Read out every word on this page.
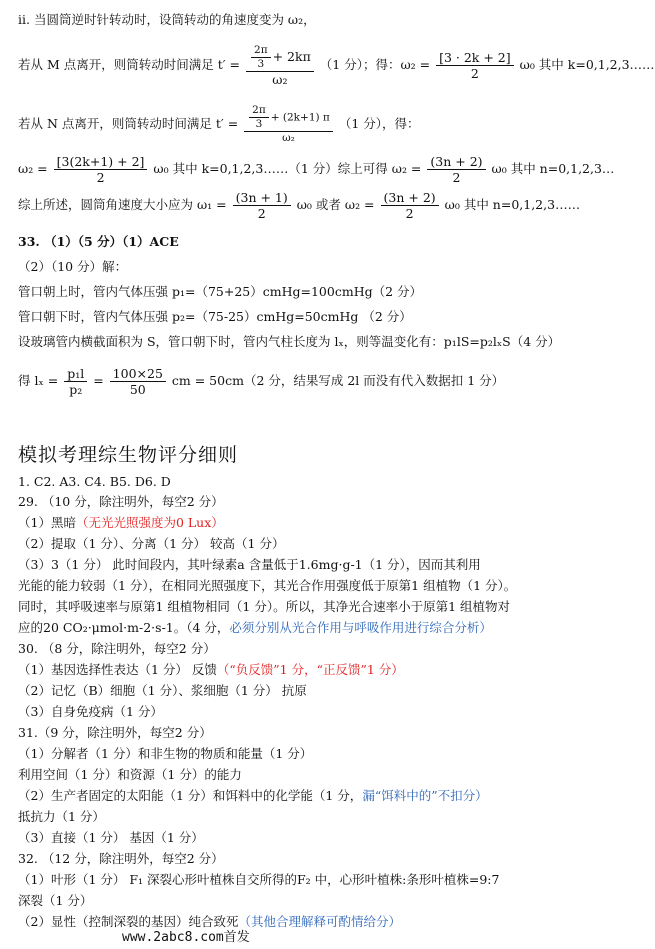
ⅱ. 当圆筒逆时针转动时，设筒转动的角速度变为 ω₂，
若从 M 点离开，则筒转动时间满足 $t' = \frac{\frac{2\pi}{3} + 2k\pi}{\text{ω₂}} (1$ 分）；得：$\omega_2 = \frac{[3 \cdot 2k + 2]}{2} \omega_0$ 其中 k=0,1,2,3……
若从 N 点离开，则筒转动时间满足 $t' = \frac{\frac{2\pi}{3} + (2k+1) \pi}{\text{ω₂}} (1$ 分），得：
$\omega_2 = \frac{[3(2k+1) + 2]}{2} \omega_0$ 其中 k=0,1,2,3……（1 分）综上可得 $\omega_2 = \frac{(3n + 2)}{2} \omega_0$ 其中 n=0,1,2,3…
综上所述，圆筒角速度大小应为 $\omega_1 = \frac{(3n + 1)}{2} \omega_0$ 或者 $\omega_2 = \frac{(3n + 2)}{2} \omega_0$ 其中 n=0,1,2,3……
33. （1）（5 分）（1）ACE
（2）（10 分）解：
管口朝上时，管内气体压强 p₁=（75+25）cmHg=100cmHg（2 分）
管口朝下时，管内气体压强 p₂=（75-25）cmHg=50cmHg （2 分）
设玻璃管内横截面积为 S，管口朝下时，管内气柱长度为 lₓ，则等温变化有：p₁lS=p₂lₓS（4 分）
得 $l_x = \frac{\text{p₁l}}{\text{p₂}} = \frac{100\times 25}{50}$ cm = 50cm（2 分，结果写成 2l 而没有代入数据扣 1 分）
模拟考理综生物评分细则
1. C2. A3. C4. B5. D6. D
29. （10 分，除注明外，每空2 分）
（1）黑暗（无光光照强度为0 Lux）
（2）提取（1 分）、分离（1 分） 较高（1 分）
（3）3（1 分） 此时间段内，其叶绿素a 含量低于1.6mg·g-1（1 分），因而其利用
光能的能力较弱（1 分），在相同光照强度下，其光合作用强度低于原第1 组植物（1 分）。
同时，其呼吸速率与原第1 组植物相同（1 分）。所以，其净光合速率小于原第1 组植物对
应的20 CO₂·μmol·m-2·s-1。（4 分，必须分别从光合作用与呼吸作用进行综合分析）
30. （8 分，除注明外，每空2 分）
（1）基因选择性表达（1 分） 反馈（“负反馈”1 分，“正反馈”1 分）
（2）记忆（B）细胞（1 分）、浆细胞（1 分） 抗原
（3）自身免疫病（1 分）
31.（9 分，除注明外，每空2 分）
（1）分解者（1 分）和非生物的物质和能量（1 分）
利用空间（1 分）和资源（1 分）的能力
（2）生产者固定的太阳能（1 分）和饵料中的化学能（1 分，漏“饵料中的”不扣分）
抵抗力（1 分）
（3）直接（1 分） 基因（1 分）
32. （12 分，除注明外，每空2 分）
（1）叶形（1 分） F₁ 深裂心形叶植株自交所得的F₂ 中，心形叶植株:条形叶植株=9:7
深裂（1 分）
（2）显性（控制深裂的基因）纯合致死（其他合理解释可酌情给分）
www.2abc8.com首发
